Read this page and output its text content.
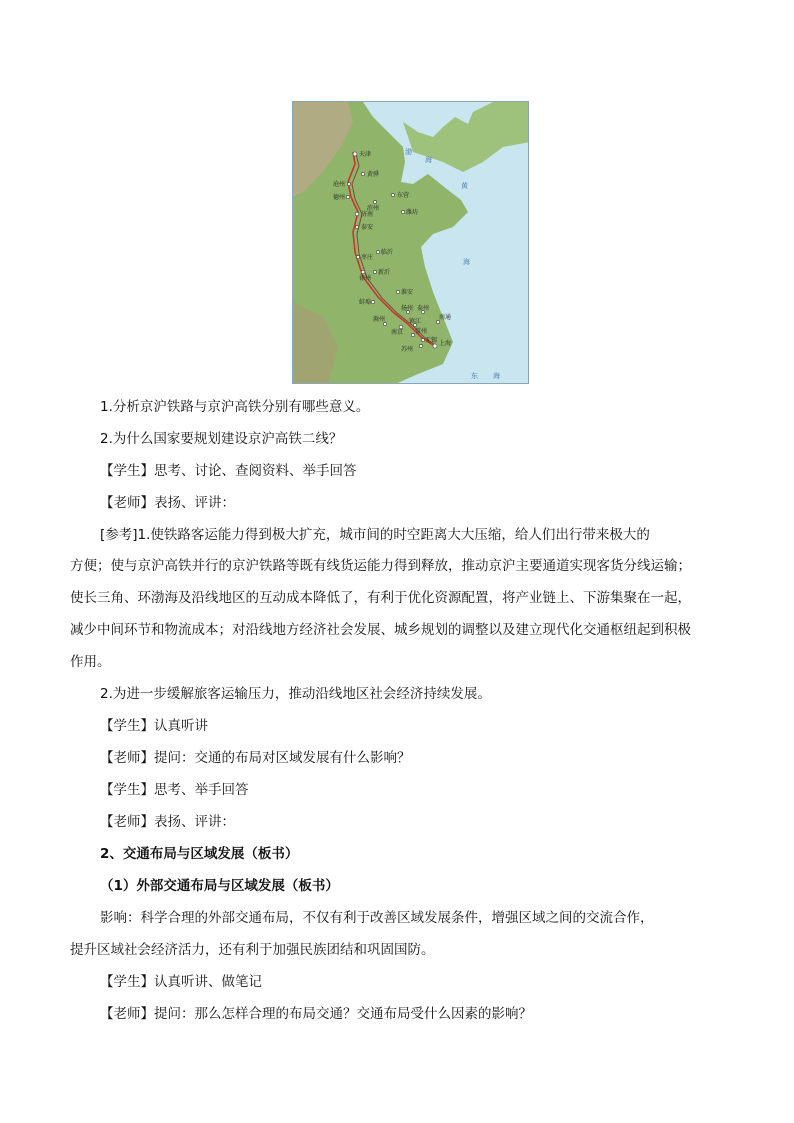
天津
黄骅
沧州
东营
德州
滨州
潍坊
济南
泰安
临沂
枣庄
徐州
新沂
淮安
蚌埠
扬州 泰州
滁州
南京
镇江
南通
常州
苏州
无锡 上海
渤
海
黄
海
东 海
1.分析京沪铁路与京沪高铁分别有哪些意义。
2.为什么国家要规划建设京沪高铁二线？
【学生】思考、讨论、查阅资料、举手回答
【老师】表扬、评讲：
[参考]1.使铁路客运能力得到极大扩充，城市间的时空距离大大压缩，给人们出行带来极大的
方便；使与京沪高铁并行的京沪铁路等既有线货运能力得到释放，推动京沪主要通道实现客货分线运输；
使长三角、环渤海及沿线地区的互动成本降低了，有利于优化资源配置，将产业链上、下游集聚在一起，
减少中间环节和物流成本；对沿线地方经济社会发展、城乡规划的调整以及建立现代化交通枢纽起到积极
作用。
2.为进一步缓解旅客运输压力，推动沿线地区社会经济持续发展。
【学生】认真听讲
【老师】提问：交通的布局对区域发展有什么影响？
【学生】思考、举手回答
【老师】表扬、评讲：
2、交通布局与区域发展（板书）
（1）外部交通布局与区域发展（板书）
影响：科学合理的外部交通布局，不仅有利于改善区域发展条件，增强区域之间的交流合作，
提升区域社会经济活力，还有利于加强民族团结和巩固国防。
【学生】认真听讲、做笔记
【老师】提问：那么怎样合理的布局交通？交通布局受什么因素的影响？
